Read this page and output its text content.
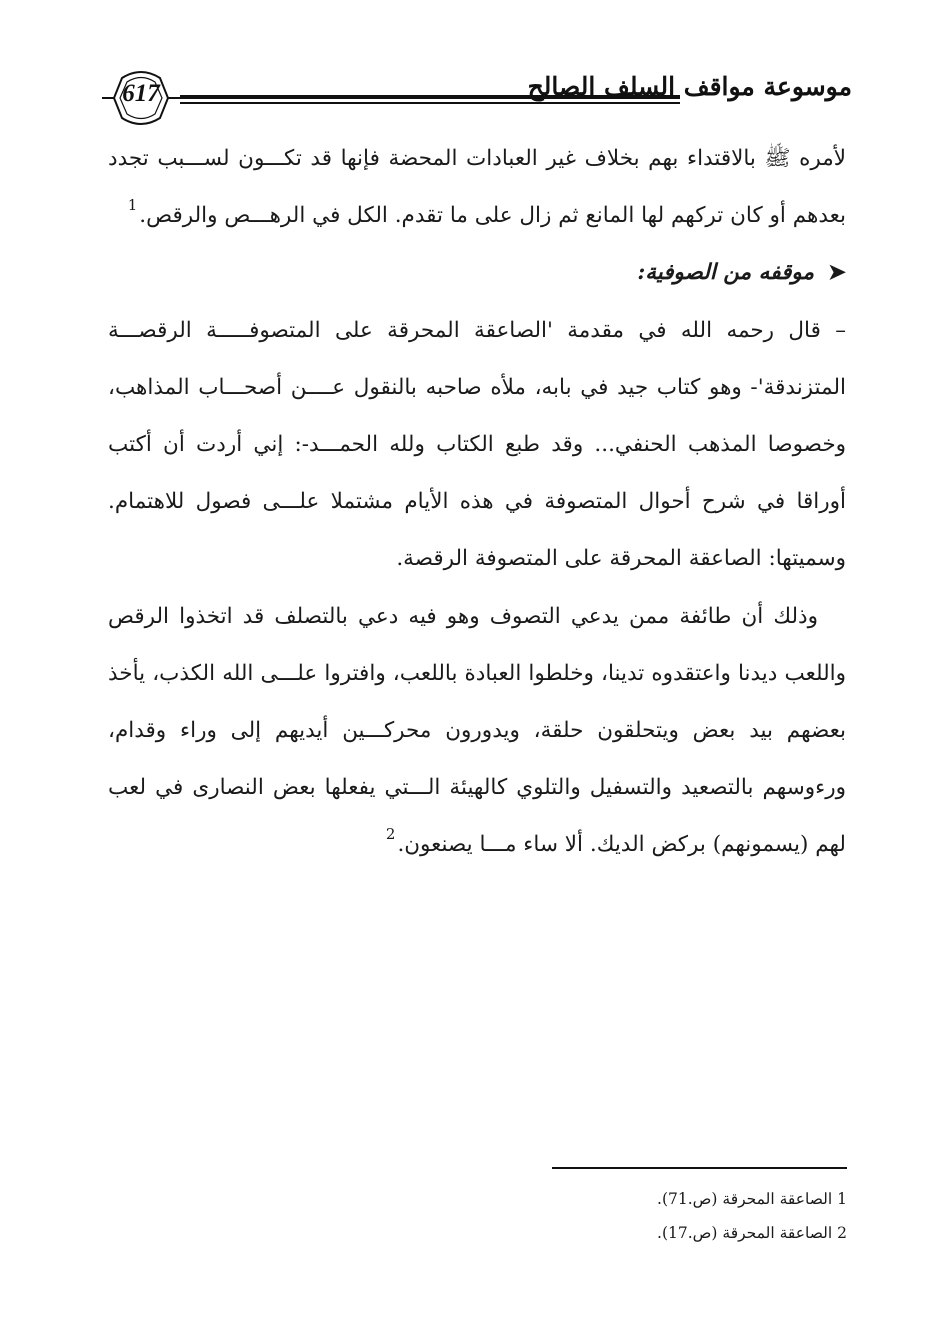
617	موسوعة مواقف السلف الصالح

لأمره ﷺ بالاقتداء بهم بخلاف غير العبادات المحضة فإنها قد تكـــون لســـبب تجدد بعدهم أو كان تركهم لها المانع ثم زال على ما تقدم. الكل في الرهـــص والرقص.$^1$

➤موقفه من الصوفية:

– قال رحمه الله في مقدمة 'الصاعقة المحرقة على المتصوفـــــة الرقصـــة المتزندقة'- وهو كتاب جيد في بابه، ملأه صاحبه بالنقول عــــن أصحـــاب المذاهب، وخصوصا المذهب الحنفي... وقد طبع الكتاب ولله الحمـــد-: إني أردت أن أكتب أوراقا في شرح أحوال المتصوفة في هذه الأيام مشتملا علـــى فصول للاهتمام. وسميتها: الصاعقة المحرقة على المتصوفة الرقصة.

وذلك أن طائفة ممن يدعي التصوف وهو فيه دعي بالتصلف قد اتخذوا الرقص واللعب ديدنا واعتقدوه تدينا، وخلطوا العبادة باللعب، وافتروا علـــى الله الكذب، يأخذ بعضهم بيد بعض ويتحلقون حلقة، ويدورون محركـــين أيديهم إلى وراء وقدام، ورءوسهم بالتصعيد والتسفيل والتلوي كالهيئة الـــتي يفعلها بعض النصارى في لعب لهم (يسمونهم) بركض الديك. ألا ساء مـــا يصنعون.$^2$

1 الصاعقة المحرقة (ص.71).
2 الصاعقة المحرقة (ص.17).
